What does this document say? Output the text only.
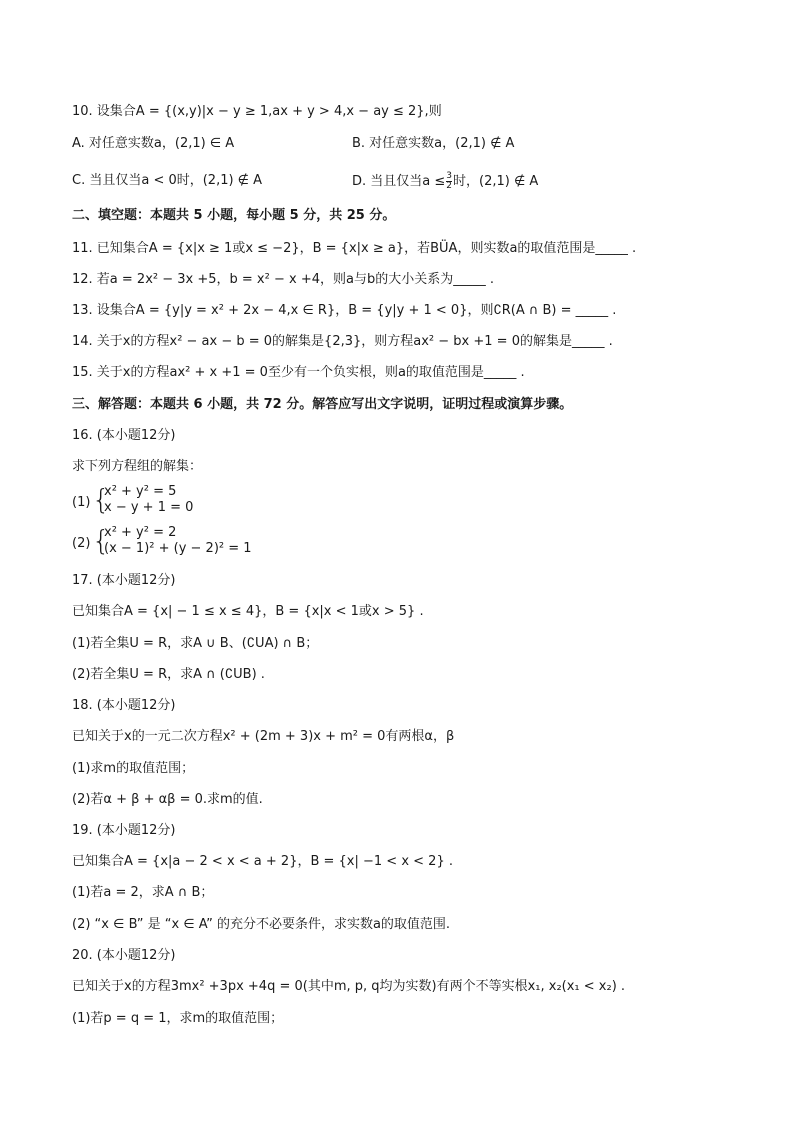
10. 设集合A = {(x,y)|x − y ≥ 1,ax + y > 4,x − ay ≤ 2},则
A. 对任意实数a，(2,1) ∈ A	B. 对任意实数a，(2,1) ∉ A
C. 当且仅当a < 0时，(2,1) ∉ A	D. 当且仅当$a \le \frac{3}{2}$ 时，(2,1) ∉ A
二、填空题：本题共 5 小题，每小题 5 分，共 25 分。
11. 已知集合A = {x|x ≥ 1或x ≤ −2}，B = {x|x ≥ a}，若BÜA，则实数a的取值范围是_____ .
12. 若a = 2x² − 3x +5，b = x² − x +4，则a与b的大小关系为_____ .
13. 设集合A = {y|y = x² + 2x − 4,x ∈ R}，B = {y|y + 1 < 0}，则∁R(A ∩ B) = _____ .
14. 关于x的方程x² − ax − b = 0的解集是{2,3}，则方程ax² − bx +1 = 0的解集是_____ .
15. 关于x的方程ax² + x +1 = 0至少有一个负实根，则a的取值范围是_____ .
三、解答题：本题共 6 小题，共 72 分。解答应写出文字说明，证明过程或演算步骤。
16. (本小题12分)
求下列方程组的解集：
(1) {
x² + y² = 5
x − y + 1 = 0
(2) {
x² + y² = 2
(x − 1)² + (y − 2)² = 1
17. (本小题12分)
已知集合A = {x| − 1 ≤ x ≤ 4}，B = {x|x < 1或x > 5} .
(1)若全集U = R，求A ∪ B、(∁UA) ∩ B；
(2)若全集U = R，求A ∩ (∁UB) .
18. (本小题12分)
已知关于x的一元二次方程x² + (2m + 3)x + m² = 0有两根α，β
(1)求m的取值范围；
(2)若α + β + αβ = 0.求m的值.
19. (本小题12分)
已知集合A = {x|a − 2 < x < a + 2}，B = {x| −1 < x < 2} .
(1)若a = 2，求A ∩ B；
(2) “x ∈ B” 是 “x ∈ A” 的充分不必要条件，求实数a的取值范围.
20. (本小题12分)
已知关于x的方程3mx² +3px +4q = 0(其中m, p, q均为实数)有两个不等实根x₁, x₂(x₁ < x₂) .
(1)若p = q = 1，求m的取值范围；
